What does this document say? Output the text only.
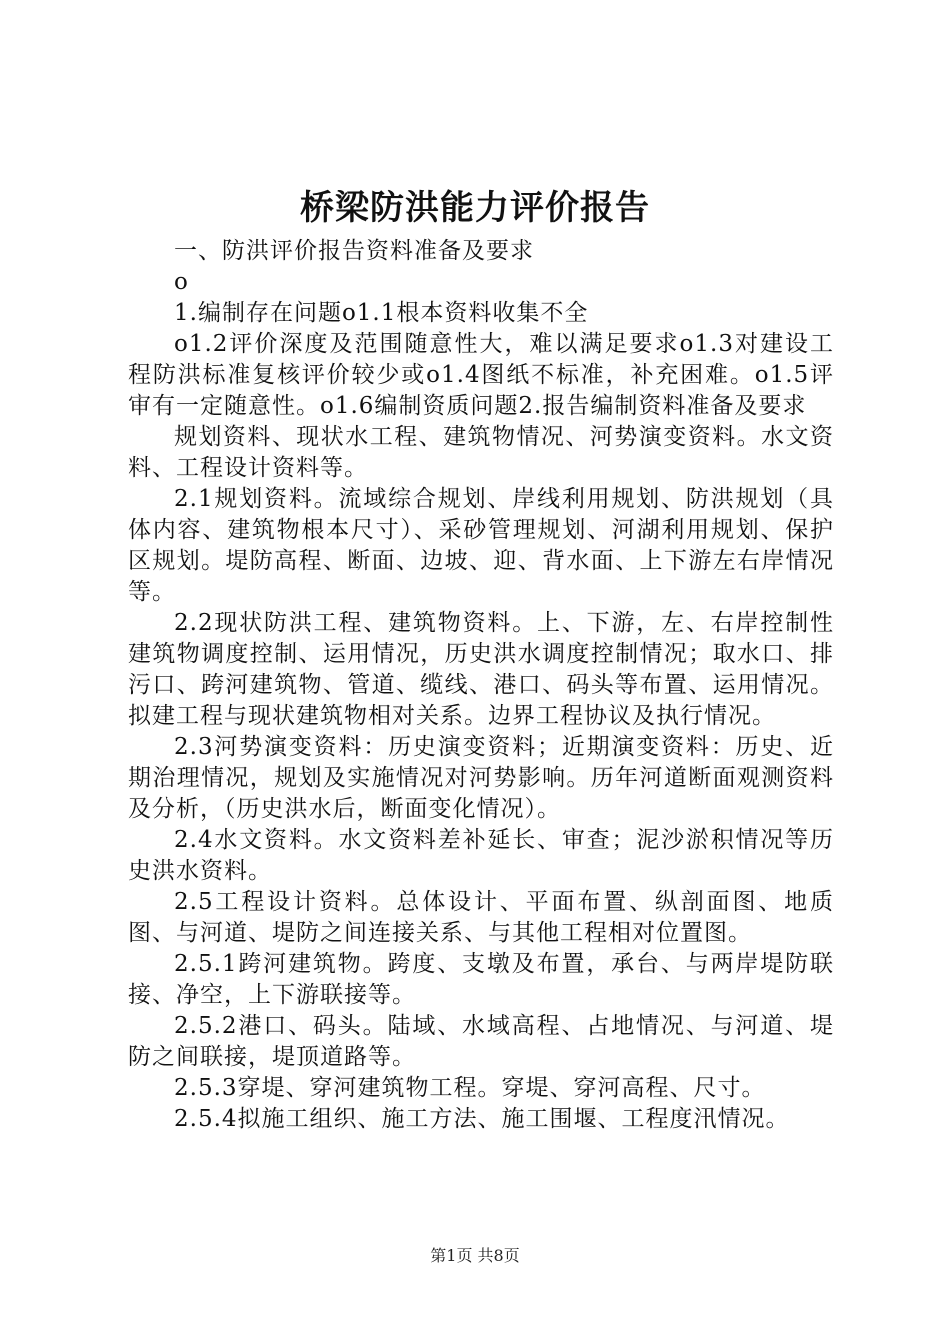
桥梁防洪能力评价报告

一、防洪评价报告资料准备及要求

o

1.编制存在问题o1.1根本资料收集不全

o1.2评价深度及范围随意性大，难以满足要求o1.3对建设工程防洪标准复核评价较少或o1.4图纸不标准，补充困难。o1.5评审有一定随意性。o1.6编制资质问题2.报告编制资料准备及要求

规划资料、现状水工程、建筑物情况、河势演变资料。水文资料、工程设计资料等。

2.1规划资料。流域综合规划、岸线利用规划、防洪规划（具体内容、建筑物根本尺寸）、采砂管理规划、河湖利用规划、保护区规划。堤防高程、断面、边坡、迎、背水面、上下游左右岸情况等。

2.2现状防洪工程、建筑物资料。上、下游，左、右岸控制性建筑物调度控制、运用情况，历史洪水调度控制情况；取水口、排污口、跨河建筑物、管道、缆线、港口、码头等布置、运用情况。拟建工程与现状建筑物相对关系。边界工程协议及执行情况。

2.3河势演变资料：历史演变资料；近期演变资料：历史、近期治理情况，规划及实施情况对河势影响。历年河道断面观测资料及分析，（历史洪水后，断面变化情况）。

2.4水文资料。水文资料差补延长、审查；泥沙淤积情况等历史洪水资料。

2.5工程设计资料。总体设计、平面布置、纵剖面图、地质图、与河道、堤防之间连接关系、与其他工程相对位置图。

2.5.1跨河建筑物。跨度、支墩及布置，承台、与两岸堤防联接、净空，上下游联接等。

2.5.2港口、码头。陆域、水域高程、占地情况、与河道、堤防之间联接，堤顶道路等。

2.5.3穿堤、穿河建筑物工程。穿堤、穿河高程、尺寸。

2.5.4拟施工组织、施工方法、施工围堰、工程度汛情况。

第1页 共8页
